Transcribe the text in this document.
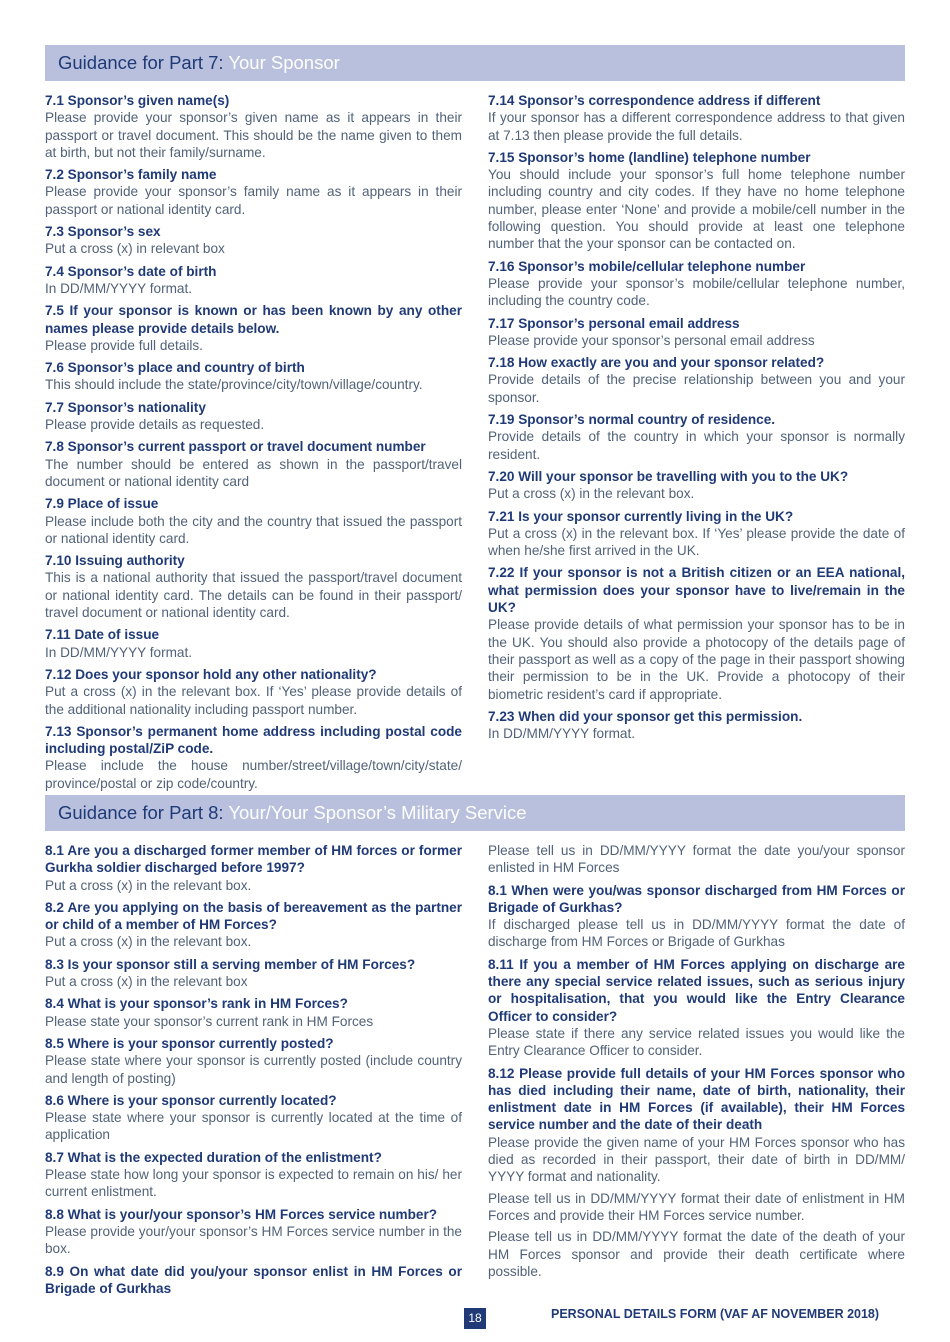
Guidance for Part 7: Your Sponsor
7.1 Sponsor’s given name(s)
Please provide your sponsor’s given name as it appears in their passport or travel document. This should be the name given to them at birth, but not their family/surname.
7.2 Sponsor’s family name
Please provide your sponsor’s family name as it appears in their passport or national identity card.
7.3 Sponsor’s sex
Put a cross (x) in relevant box
7.4 Sponsor’s date of birth
In DD/MM/YYYY format.
7.5 If your sponsor is known or has been known by any other names please provide details below.
Please provide full details.
7.6 Sponsor’s place and country of birth
This should include the state/province/city/town/village/country.
7.7 Sponsor’s nationality
Please provide details as requested.
7.8 Sponsor’s current passport or travel document number
The number should be entered as shown in the passport/travel document or national identity card
7.9 Place of issue
Please include both the city and the country that issued the passport or national identity card.
7.10 Issuing authority
This is a national authority that issued the passport/travel document or national identity card. The details can be found in their passport/ travel document or national identity card.
7.11 Date of issue
In DD/MM/YYYY format.
7.12 Does your sponsor hold any other nationality?
Put a cross (x) in the relevant box. If ‘Yes’ please provide details of the additional nationality including passport number.
7.13 Sponsor’s permanent home address including postal code including postal/ZiP code.
Please include the house number/street/village/town/city/state/ province/postal or zip code/country.
7.14 Sponsor’s correspondence address if different
If your sponsor has a different correspondence address to that given at 7.13 then please provide the full details.
7.15 Sponsor’s home (landline) telephone number
You should include your sponsor’s full home telephone number including country and city codes. If they have no home telephone number, please enter ‘None’ and provide a mobile/cell number in the following question. You should provide at least one telephone number that the your sponsor can be contacted on.
7.16 Sponsor’s mobile/cellular telephone number
Please provide your sponsor’s mobile/cellular telephone number, including the country code.
7.17 Sponsor’s personal email address
Please provide your sponsor’s personal email address
7.18 How exactly are you and your sponsor related?
Provide details of the precise relationship between you and your sponsor.
7.19 Sponsor’s normal country of residence.
Provide details of the country in which your sponsor is normally resident.
7.20 Will your sponsor be travelling with you to the UK?
Put a cross (x) in the relevant box.
7.21 Is your sponsor currently living in the UK?
Put a cross (x) in the relevant box. If ‘Yes’ please provide the date of when he/she first arrived in the UK.
7.22 If your sponsor is not a British citizen or an EEA national, what permission does your sponsor have to live/remain in the UK?
Please provide details of what permission your sponsor has to be in the UK. You should also provide a photocopy of the details page of their passport as well as a copy of the page in their passport showing their permission to be in the UK. Provide a photocopy of their biometric resident’s card if appropriate.
7.23 When did your sponsor get this permission.
In DD/MM/YYYY format.
Guidance for Part 8: Your/Your Sponsor’s Military Service
8.1 Are you a discharged former member of HM forces or former Gurkha soldier discharged before 1997?
Put a cross (x) in the relevant box.
8.2 Are you applying on the basis of bereavement as the partner or child of a member of HM Forces?
Put a cross (x) in the relevant box.
8.3 Is your sponsor still a serving member of HM Forces?
Put a cross (x) in the relevant box
8.4 What is your sponsor’s rank in HM Forces?
Please state your sponsor’s current rank in HM Forces
8.5 Where is your sponsor currently posted?
Please state where your sponsor is currently posted (include country and length of posting)
8.6 Where is your sponsor currently located?
Please state where your sponsor is currently located at the time of application
8.7 What is the expected duration of the enlistment?
Please state how long your sponsor is expected to remain on his/ her current enlistment.
8.8 What is your/your sponsor’s HM Forces service number?
Please provide your/your sponsor’s HM Forces service number in the box.
8.9 On what date did you/your sponsor enlist in HM Forces or Brigade of Gurkhas
Please tell us in DD/MM/YYYY format the date you/your sponsor enlisted in HM Forces
8.1 When were you/was sponsor discharged from HM Forces or Brigade of Gurkhas?
If discharged please tell us in DD/MM/YYYY format the date of discharge from HM Forces or Brigade of Gurkhas
8.11 If you a member of HM Forces applying on discharge are there any special service related issues, such as serious injury or hospitalisation, that you would like the Entry Clearance Officer to consider?
Please state if there any service related issues you would like the Entry Clearance Officer to consider.
8.12 Please provide full details of your HM Forces sponsor who has died including their name, date of birth, nationality, their enlistment date in HM Forces (if available), their HM Forces service number and the date of their death
Please provide the given name of your HM Forces sponsor who has died as recorded in their passport, their date of birth in DD/MM/ YYYY format and nationality.
Please tell us in DD/MM/YYYY format their date of enlistment in HM Forces and provide their HM Forces service number.
Please tell us in DD/MM/YYYY format the date of the death of your HM Forces sponsor and provide their death certificate where possible.
18	PERSONAL DETAILS FORM (VAF AF NOVEMBER 2018)
